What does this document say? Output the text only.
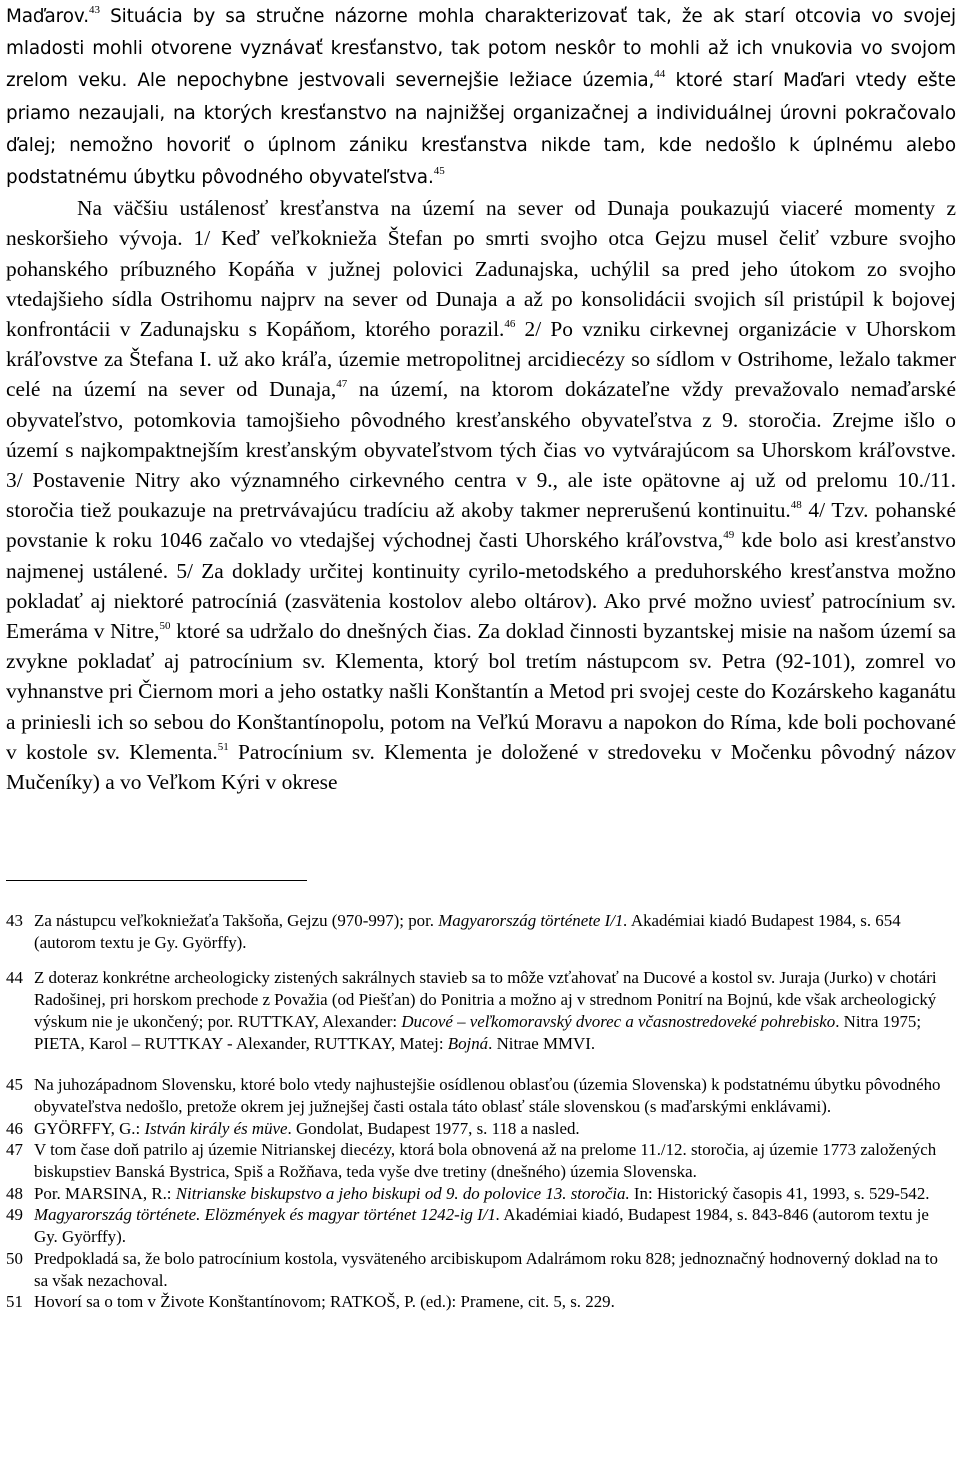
Maďarov.$^{43}$ Situácia by sa stručne názorne mohla charakterizovať tak, že ak starí otcovia vo svojej mladosti mohli otvorene vyznávať kresťanstvo, tak potom neskôr to mohli až ich vnukovia vo svojom zrelom veku. Ale nepochybne jestvovali severnejšie ležiace územia,$^{44}$ ktoré starí Maďari vtedy ešte priamo nezaujali, na ktorých kresťanstvo na najnižšej organizačnej a individuálnej úrovni pokračovalo ďalej; nemožno hovoriť o úplnom zániku kresťanstva nikde tam, kde nedošlo k úplnému alebo podstatnému úbytku pôvodného obyvateľstva.$^{45}$

Na väčšiu ustálenosť kresťanstva na území na sever od Dunaja poukazujú viaceré momenty z neskoršieho vývoja. 1/ Keď veľkoknieža Štefan po smrti svojho otca Gejzu musel čeliť vzbure svojho pohanského príbuzného Kopáňa v južnej polovici Zadunajska, uchýlil sa pred jeho útokom zo svojho vtedajšieho sídla Ostrihomu najprv na sever od Dunaja a až po konsolidácii svojich síl pristúpil k bojovej konfrontácii v Zadunajsku s Kopáňom, ktorého porazil.$^{46}$ 2/ Po vzniku cirkevnej organizácie v Uhorskom kráľovstve za Štefana I. už ako kráľa, územie metropolitnej arcidiecézy so sídlom v Ostrihome, ležalo takmer celé na území na sever od Dunaja,$^{47}$ na území, na ktorom dokázateľne vždy prevažovalo nemaďarské obyvateľstvo, potomkovia tamojšieho pôvodného kresťanského obyvateľstva z 9. storočia. Zrejme išlo o území s najkompaktnejším kresťanským obyvateľstvom tých čias vo vytvárajúcom sa Uhorskom kráľovstve. 3/ Postavenie Nitry ako významného cirkevného centra v 9., ale iste opätovne aj už od prelomu 10./11. storočia tiež poukazuje na pretrvávajúcu tradíciu až akoby takmer neprerušenú kontinuitu.$^{48}$ 4/ Tzv. pohanské povstanie k roku 1046 začalo vo vtedajšej východnej časti Uhorského kráľovstva,$^{49}$ kde bolo asi kresťanstvo najmenej ustálené. 5/ Za doklady určitej kontinuity cyrilo-metodského a preduhorského kresťanstva možno pokladať aj niektoré patrocíniá (zasvätenia kostolov alebo oltárov). Ako prvé možno uviesť patrocínium sv. Emeráma v Nitre,$^{50}$ ktoré sa udržalo do dnešných čias. Za doklad činnosti byzantskej misie na našom území sa zvykne pokladať aj patrocínium sv. Klementa, ktorý bol tretím nástupcom sv. Petra (92-101), zomrel vo vyhnanstve pri Čiernom mori a jeho ostatky našli Konštantín a Metod pri svojej ceste do Kozárskeho kaganátu a priniesli ich so sebou do Konštantínopolu, potom na Veľkú Moravu a napokon do Ríma, kde boli pochované v kostole sv. Klementa.$^{51}$ Patrocínium sv. Klementa je doložené v stredoveku v Močenku pôvodný názov Mučeníky) a vo Veľkom Kýri v okrese

43 Za nástupcu veľkokniežaťa Takšoňa, Gejzu (970-997); por. Magyarország története I/1. Akadémiai kiadó Budapest 1984, s. 654 (autorom textu je Gy. Györffy).
44 Z doteraz konkrétne archeologicky zistených sakrálnych stavieb sa to môže vzťahovať na Ducové a kostol sv. Juraja (Jurko) v chotári Radošinej, pri horskom prechode z Považia (od Piešťan) do Ponitria a možno aj v strednom Ponitrí na Bojnú, kde však archeologický výskum nie je ukončený; por. RUTTKAY, Alexander: Ducové – veľkomoravský dvorec a včasnostredoveké pohrebisko. Nitra 1975; PIETA, Karol – RUTTKAY - Alexander, RUTTKAY, Matej: Bojná. Nitrae MMVI.
45 Na juhozápadnom Slovensku, ktoré bolo vtedy najhustejšie osídlenou oblasťou (územia Slovenska) k podstatnému úbytku pôvodného obyvateľstva nedošlo, pretože okrem jej južnejšej časti ostala táto oblasť stále slovenskou (s maďarskými enklávami).
46 GYÖRFFY, G.: István király és müve. Gondolat, Budapest 1977, s. 118 a nasled.
47 V tom čase doň patrilo aj územie Nitrianskej diecézy, ktorá bola obnovená až na prelome 11./12. storočia, aj územie 1773 založených biskupstiev Banská Bystrica, Spiš a Rožňava, teda vyše dve tretiny (dnešného) územia Slovenska.
48 Por. MARSINA, R.: Nitrianske biskupstvo a jeho biskupi od 9. do polovice 13. storočia. In: Historický časopis 41, 1993, s. 529-542.
49 Magyarország története. Elözmények és magyar történet 1242-ig I/1. Akadémiai kiadó, Budapest 1984, s. 843-846 (autorom textu je Gy. Györffy).
50 Predpokladá sa, že bolo patrocínium kostola, vysväteného arcibiskupom Adalrámom roku 828; jednoznačný hodnoverný doklad na to sa však nezachoval.
51 Hovorí sa o tom v Živote Konštantínovom; RATKOŠ, P. (ed.): Pramene, cit. 5, s. 229.
